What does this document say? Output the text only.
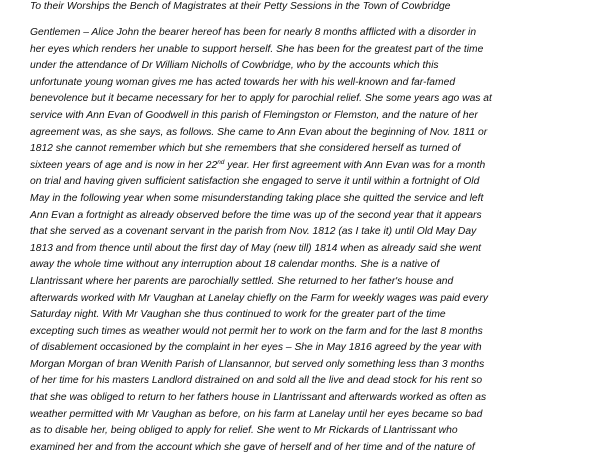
To their Worships the Bench of Magistrates at their Petty Sessions in the Town of Cowbridge
Gentlemen – Alice John the bearer hereof has been for nearly 8 months afflicted with a disorder in
her eyes which renders her unable to support herself. She has been for the greatest part of the time
under the attendance of Dr William Nicholls of Cowbridge, who by the accounts which this
unfortunate young woman gives me has acted towards her with his well-known and far-famed
benevolence but it became necessary for her to apply for parochial relief. She some years ago was at
service with Ann Evan of Goodwell in this parish of Flemingston or Flemston, and the nature of her
agreement was, as she says, as follows. She came to Ann Evan about the beginning of Nov. 1811 or
1812 she cannot remember which but she remembers that she considered herself as turned of
sixteen years of age and is now in her 22nd year. Her first agreement with Ann Evan was for a month
on trial and having given sufficient satisfaction she engaged to serve it until within a fortnight of Old
May in the following year when some misunderstanding taking place she quitted the service and left
Ann Evan a fortnight as already observed before the time was up of the second year that it appears
that she served as a covenant servant in the parish from Nov. 1812 (as I take it) until Old May Day
1813 and from thence until about the first day of May (new till) 1814 when as already said she went
away the whole time without any interruption about 18 calendar months. She is a native of
Llantrissant where her parents are parochially settled. She returned to her father's house and
afterwards worked with Mr Vaughan at Lanelay chiefly on the Farm for weekly wages was paid every
Saturday night. With Mr Vaughan she thus continued to work for the greater part of the time
excepting such times as weather would not permit her to work on the farm and for the last 8 months
of disablement occasioned by the complaint in her eyes – She in May 1816 agreed by the year with
Morgan Morgan of bran Wenith Parish of Llansannor, but served only something less than 3 months
of her time for his masters Landlord distrained on and sold all the live and dead stock for his rent so
that she was obliged to return to her fathers house in Llantrissant and afterwards worked as often as
weather permitted with Mr Vaughan as before, on his farm at Lanelay until her eyes became so bad
as to disable her, being obliged to apply for relief. She went to Mr Rickards of Llantrissant who
examined her and from the account which she gave of herself and of her time and of the nature of
